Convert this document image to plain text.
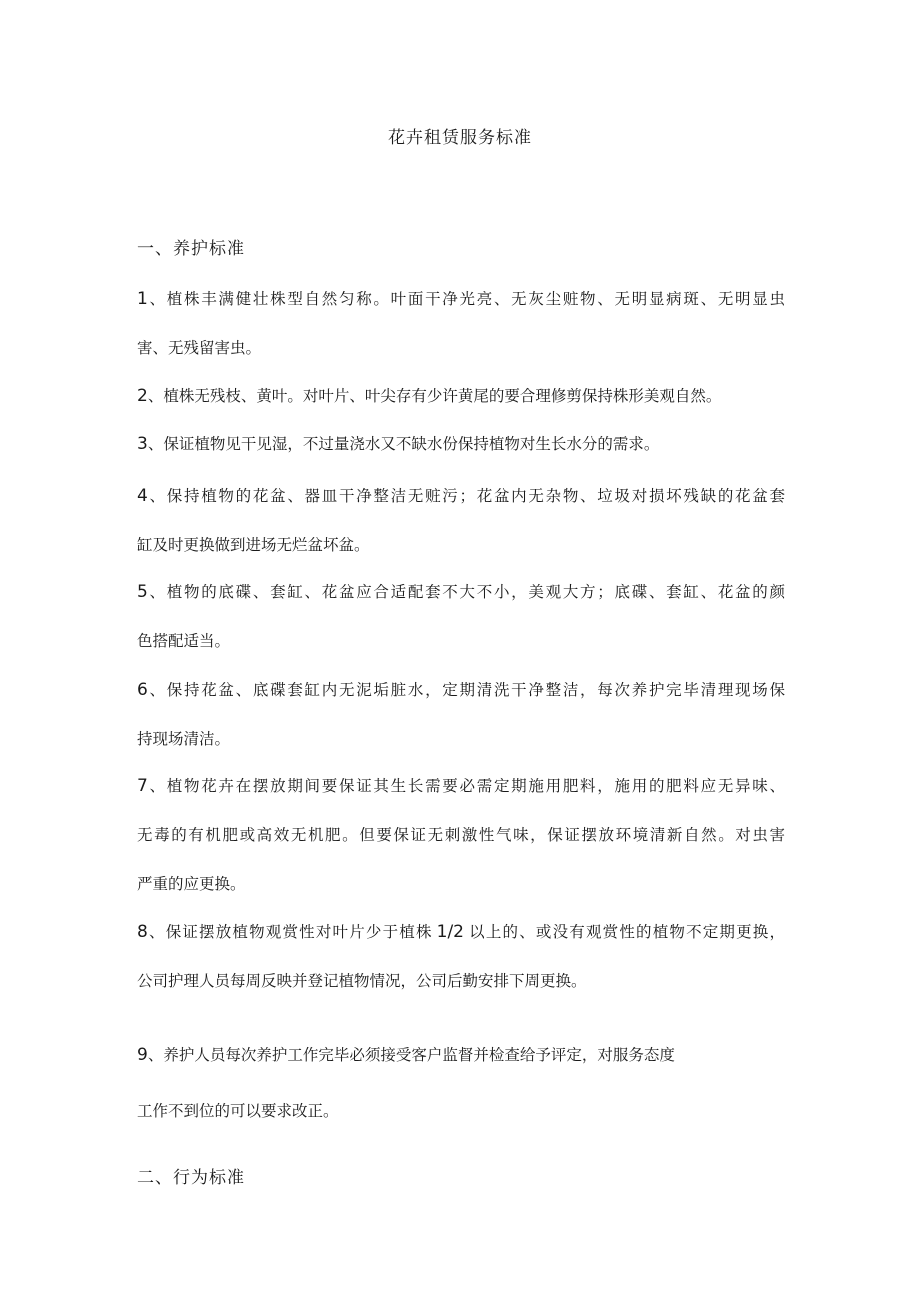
花卉租赁服务标准
一、养护标准
1、植株丰满健壮株型自然匀称。叶面干净光亮、无灰尘赃物、无明显病斑、无明显虫
害、无残留害虫。
2、植株无残枝、黄叶。对叶片、叶尖存有少许黄尾的要合理修剪保持株形美观自然。
3、保证植物见干见湿，不过量浇水又不缺水份保持植物对生长水分的需求。
4、保持植物的花盆、器皿干净整洁无赃污；花盆内无杂物、垃圾对损坏残缺的花盆套
缸及时更换做到进场无烂盆坏盆。
5、植物的底碟、套缸、花盆应合适配套不大不小，美观大方；底碟、套缸、花盆的颜
色搭配适当。
6、保持花盆、底碟套缸内无泥垢脏水，定期清洗干净整洁，每次养护完毕清理现场保
持现场清洁。
7、植物花卉在摆放期间要保证其生长需要必需定期施用肥料，施用的肥料应无异味、
无毒的有机肥或高效无机肥。但要保证无刺激性气味，保证摆放环境清新自然。对虫害
严重的应更换。
8、保证摆放植物观赏性对叶片少于植株 1/2 以上的、或没有观赏性的植物不定期更换，
公司护理人员每周反映并登记植物情况，公司后勤安排下周更换。
9、养护人员每次养护工作完毕必须接受客户监督并检查给予评定，对服务态度
工作不到位的可以要求改正。
二、行为标准
